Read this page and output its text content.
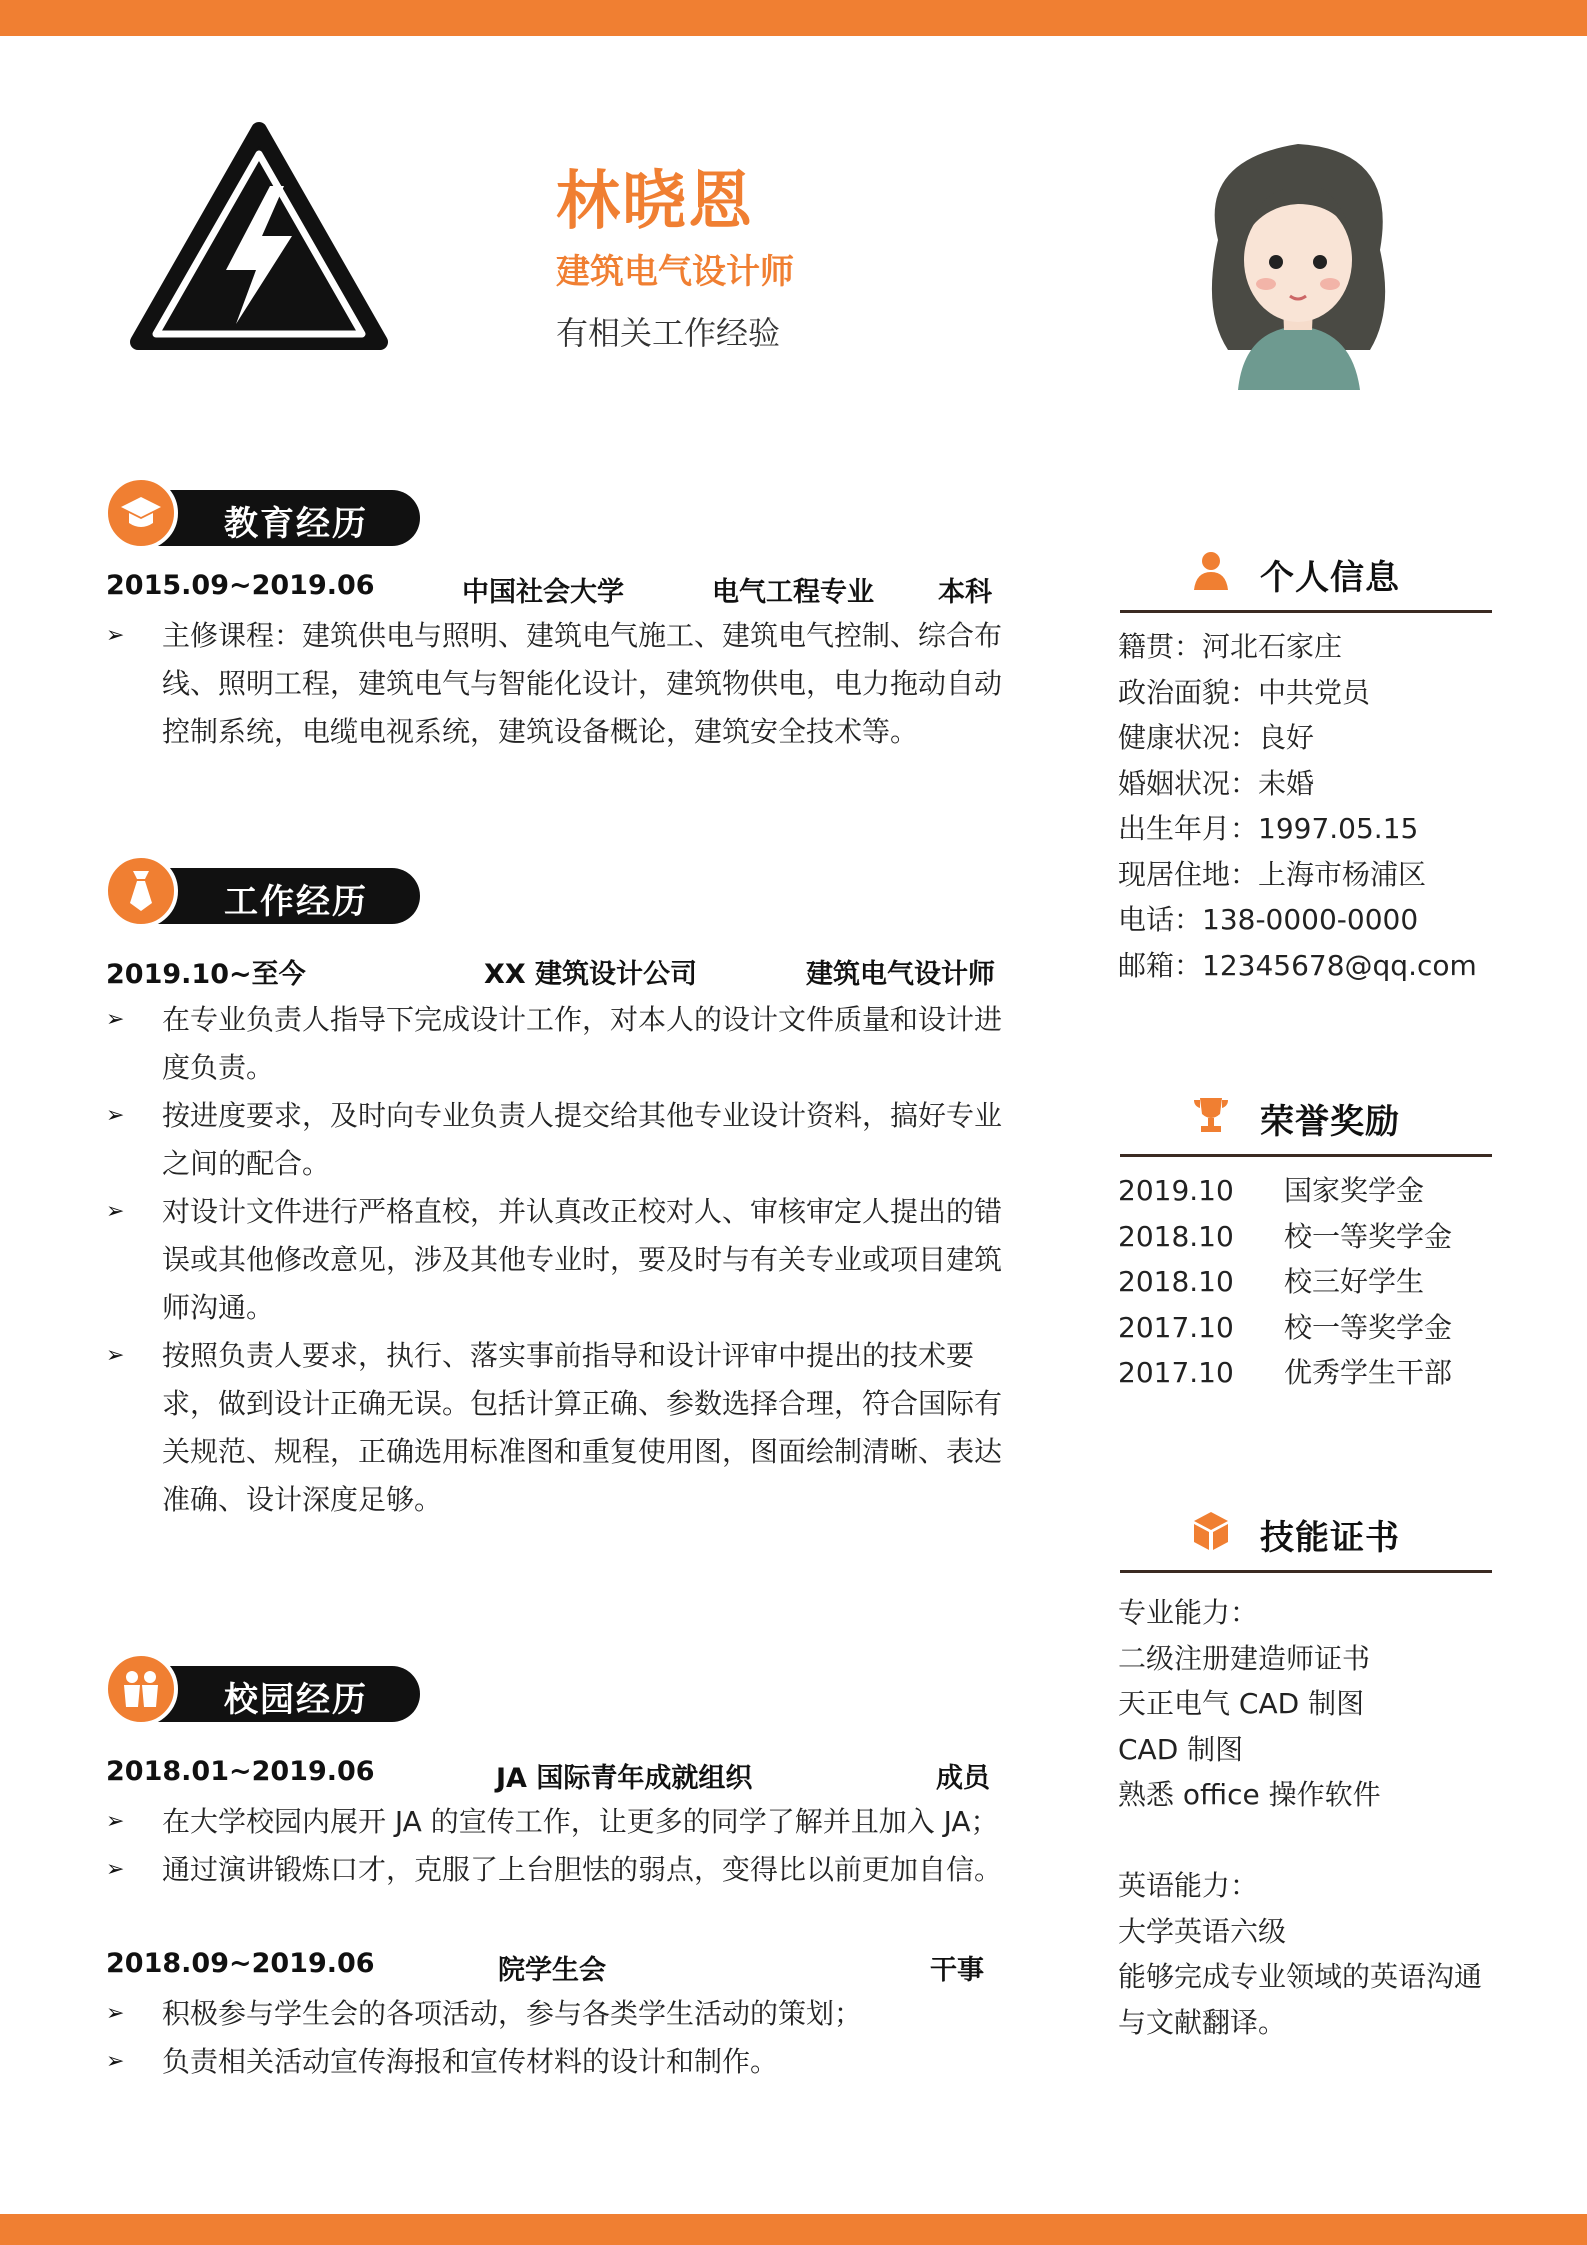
林晓恩
建筑电气设计师
有相关工作经验
教育经历
2015.09~2019.06	中国社会大学	电气工程专业 本科
➢ 主修课程：建筑供电与照明、建筑电气施工、建筑电气控制、综合布线、照明工程，建筑电气与智能化设计，建筑物供电，电力拖动自动控制系统，电缆电视系统，建筑设备概论，建筑安全技术等。
工作经历
2019.10~至今	XX 建筑设计公司	建筑电气设计师
➢ 在专业负责人指导下完成设计工作，对本人的设计文件质量和设计进度负责。
➢ 按进度要求，及时向专业负责人提交给其他专业设计资料，搞好专业之间的配合。
➢ 对设计文件进行严格直校，并认真改正校对人、审核审定人提出的错误或其他修改意见，涉及其他专业时，要及时与有关专业或项目建筑师沟通。
➢ 按照负责人要求，执行、落实事前指导和设计评审中提出的技术要求，做到设计正确无误。包括计算正确、参数选择合理，符合国际有关规范、规程，正确选用标准图和重复使用图，图面绘制清晰、表达准确、设计深度足够。
校园经历
2018.01~2019.06	JA 国际青年成就组织	成员
➢ 在大学校园内展开 JA 的宣传工作，让更多的同学了解并且加入 JA；
➢ 通过演讲锻炼口才，克服了上台胆怯的弱点，变得比以前更加自信。
2018.09~2019.06	院学生会	干事
➢ 积极参与学生会的各项活动，参与各类学生活动的策划；
➢ 负责相关活动宣传海报和宣传材料的设计和制作。
个人信息
籍贯：河北石家庄
政治面貌：中共党员
健康状况：良好
婚姻状况：未婚
出生年月：1997.05.15
现居住地：上海市杨浦区
电话：138-0000-0000
邮箱：12345678@qq.com
荣誉奖励
2019.10 国家奖学金
2018.10 校一等奖学金
2018.10 校三好学生
2017.10 校一等奖学金
2017.10 优秀学生干部
技能证书
专业能力：
二级注册建造师证书
天正电气 CAD 制图
CAD 制图
熟悉 office 操作软件
英语能力：
大学英语六级
能够完成专业领域的英语沟通与文献翻译。
